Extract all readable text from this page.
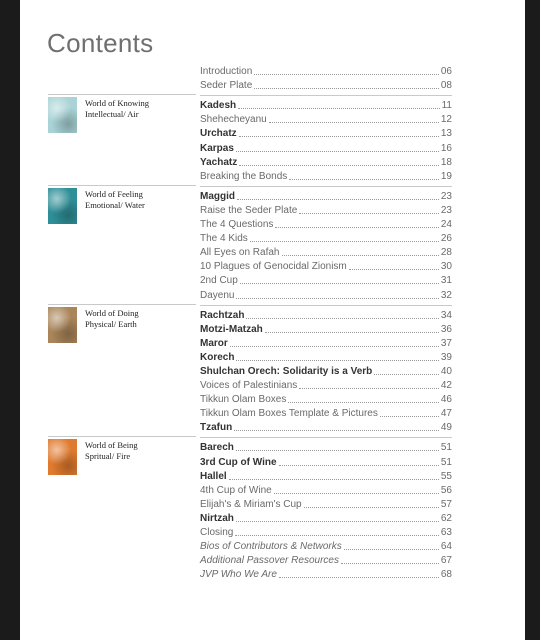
Contents
World of Knowing
Intellectual/ Air
World of Feeling
Emotional/ Water
World of Doing
Physical/ Earth
World of Being
Spritual/ Fire
Introduction	06
Seder Plate	08
Kadesh	11
Shehecheyanu	12
Urchatz	13
Karpas	16
Yachatz	18
Breaking the Bonds	19
Maggid	23
Raise the Seder Plate	23
The 4 Questions	24
The 4 Kids	26
All Eyes on Rafah	28
10 Plagues of Genocidal Zionism	30
2nd Cup	31
Dayenu	32
Rachtzah	34
Motzi-Matzah	36
Maror	37
Korech	39
Shulchan Orech: Solidarity is a Verb	40
Voices of Palestinians	42
Tikkun Olam Boxes	46
Tikkun Olam Boxes Template & Pictures	47
Tzafun	49
Barech	51
3rd Cup of Wine	51
Hallel	55
4th Cup of Wine	56
Elijah's & Miriam's Cup	57
Nirtzah	62
Closing	63
Bios of Contributors & Networks	64
Additional Passover Resources	67
JVP Who We Are	68
